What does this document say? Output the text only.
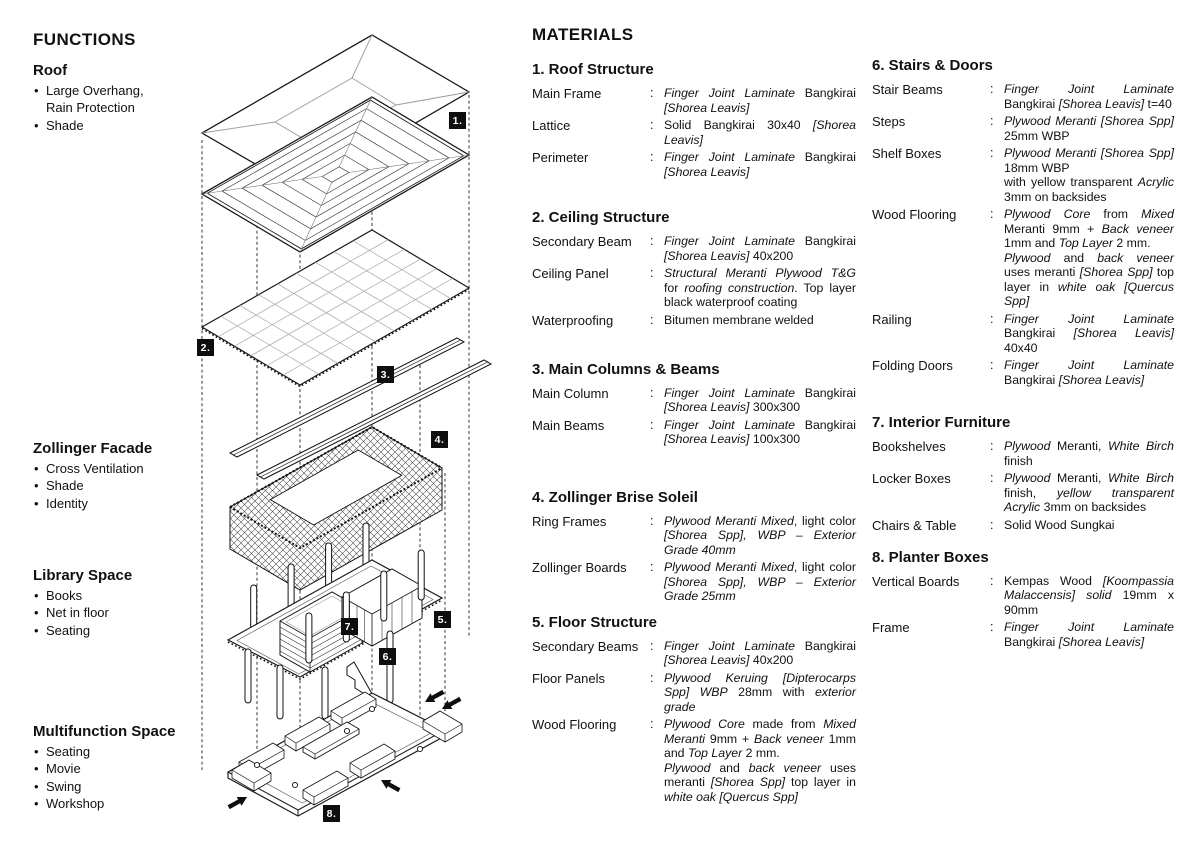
FUNCTIONS
Roof
• Large Overhang, Rain Protection
• Shade
Zollinger Facade
• Cross Ventilation
• Shade
• Identity
Library Space
• Books
• Net in floor
• Seating
Multifunction Space
• Seating
• Movie
• Swing
• Workshop
1.
2.
3.
4.
5.
6.
7.
8.
MATERIALS
1. Roof Structure
Main Frame	: Finger Joint Laminate Bangkirai [Shorea Leavis]
Lattice	: Solid Bangkirai 30x40 [Shorea Leavis]
Perimeter	: Finger Joint Laminate Bangkirai [Shorea Leavis]
2. Ceiling Structure
Secondary Beam	: Finger Joint Laminate Bangkirai [Shorea Leavis] 40x200
Ceiling Panel	: Structural Meranti Plywood T&G for roofing construction. Top layer black waterproof coating
Waterproofing	: Bitumen membrane welded
3. Main Columns & Beams
Main Column	: Finger Joint Laminate Bangkirai [Shorea Leavis] 300x300
Main Beams	: Finger Joint Laminate Bangkirai [Shorea Leavis] 100x300
4. Zollinger Brise Soleil
Ring Frames	: Plywood Meranti Mixed, light color [Shorea Spp], WBP – Exterior Grade 40mm
Zollinger Boards	: Plywood Meranti Mixed, light color [Shorea Spp], WBP – Exterior Grade 25mm
5. Floor Structure
Secondary Beams : Finger Joint Laminate Bangkirai [Shorea Leavis] 40x200
Floor Panels	: Plywood Keruing [Dipterocarps Spp] WBP 28mm with exterior grade
Wood Flooring	: Plywood Core made from Mixed Meranti 9mm + Back veneer 1mm and Top Layer 2 mm.
Plywood and back veneer uses meranti [Shorea Spp] top layer in white oak [Quercus Spp]
6. Stairs & Doors
Stair Beams	: Finger Joint Laminate Bangkirai [Shorea Leavis] t=40
Steps	: Plywood Meranti [Shorea Spp] 25mm WBP
Shelf Boxes	: Plywood Meranti [Shorea Spp] 18mm WBP
with yellow transparent Acrylic 3mm on backsides
Wood Flooring	: Plywood Core from Mixed Meranti 9mm + Back veneer 1mm and Top Layer 2 mm.
Plywood and back veneer uses meranti [Shorea Spp] top layer in white oak [Quercus Spp]
Railing	: Finger Joint Laminate Bangkirai [Shorea Leavis] 40x40
Folding Doors	: Finger Joint Laminate Bangkirai [Shorea Leavis]
7. Interior Furniture
Bookshelves	: Plywood Meranti, White Birch finish
Locker Boxes	: Plywood Meranti, White Birch finish, yellow transparent Acrylic 3mm on backsides
Chairs & Table	: Solid Wood Sungkai
8. Planter Boxes
Vertical Boards	: Kempas Wood [Koompassia Malaccensis] solid 19mm x 90mm
Frame	: Finger Joint Laminate Bangkirai [Shorea Leavis]
